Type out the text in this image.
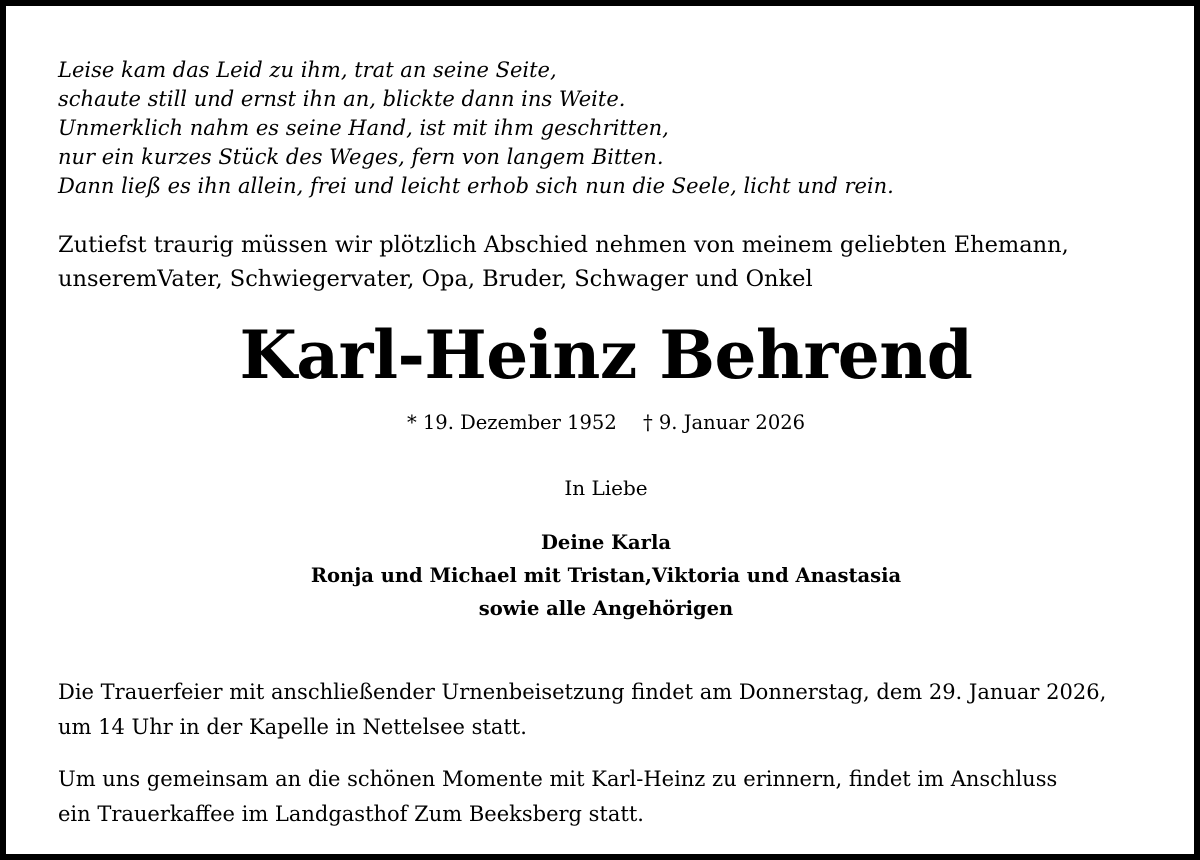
Leise kam das Leid zu ihm, trat an seine Seite,
schaute still und ernst ihn an, blickte dann ins Weite.
Unmerklich nahm es seine Hand, ist mit ihm geschritten,
nur ein kurzes Stück des Weges, fern von langem Bitten.
Dann ließ es ihn allein, frei und leicht erhob sich nun die Seele, licht und rein.
Zutiefst traurig müssen wir plötzlich Abschied nehmen von meinem geliebten Ehemann,
unseremVater, Schwiegervater, Opa, Bruder, Schwager und Onkel
Karl-Heinz Behrend
* 19. Dezember 1952 † 9. Januar 2026
In Liebe
Deine Karla
Ronja und Michael mit Tristan,Viktoria und Anastasia
sowie alle Angehörigen
Die Trauerfeier mit anschließender Urnenbeisetzung findet am Donnerstag, dem 29. Januar 2026,
um 14 Uhr in der Kapelle in Nettelsee statt.
Um uns gemeinsam an die schönen Momente mit Karl-Heinz zu erinnern, findet im Anschluss
ein Trauerkaffee im Landgasthof Zum Beeksberg statt.
